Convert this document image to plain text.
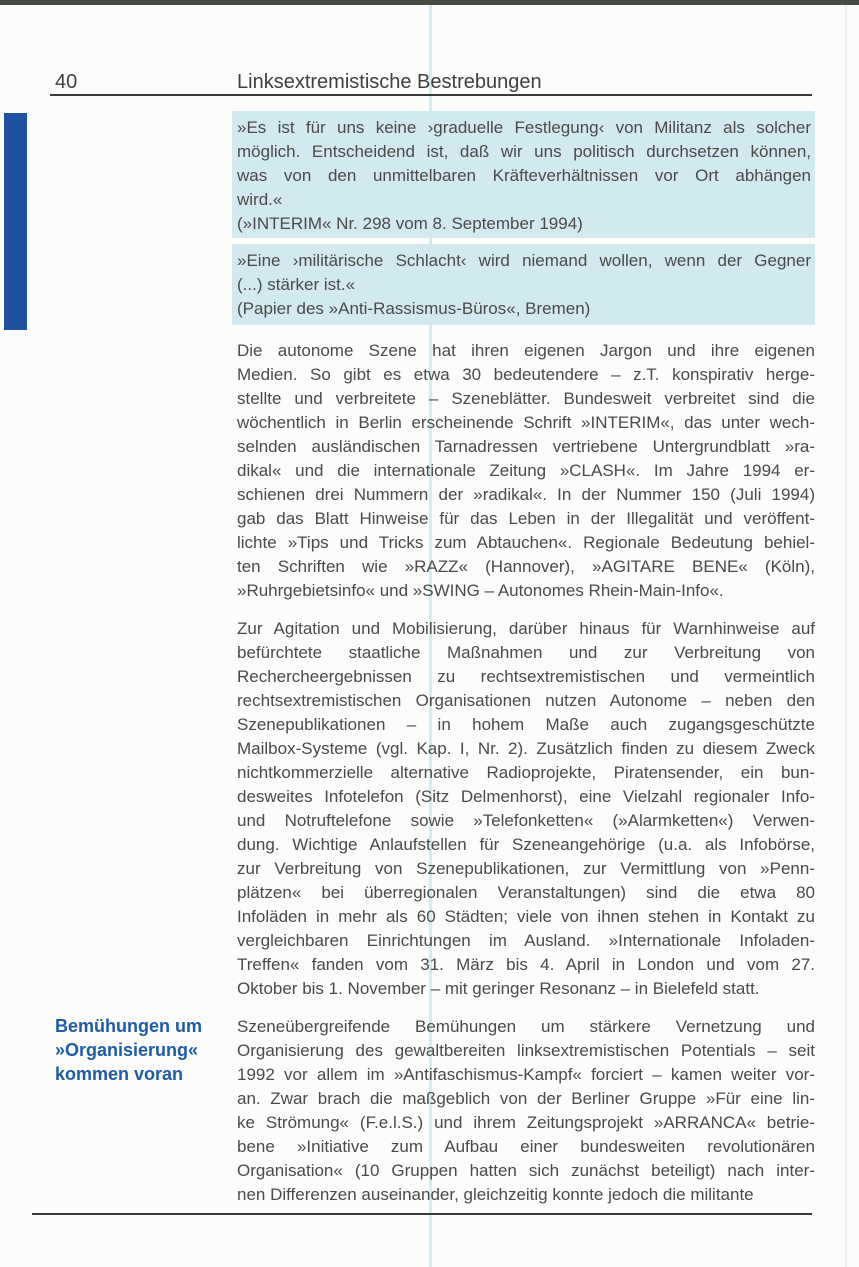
40	Linksextremistische Bestrebungen
»Es ist für uns keine ›graduelle Festlegung‹ von Militanz als solcher
möglich. Entscheidend ist, daß wir uns politisch durchsetzen können,
was von den unmittelbaren Kräfteverhältnissen vor Ort abhängen
wird.«
(»INTERIM« Nr. 298 vom 8. September 1994)
»Eine ›militärische Schlacht‹ wird niemand wollen, wenn der Gegner
(...) stärker ist.«
(Papier des »Anti-Rassismus-Büros«, Bremen)
Die autonome Szene hat ihren eigenen Jargon und ihre eigenen
Medien. So gibt es etwa 30 bedeutendere – z.T. konspirativ herge-
stellte und verbreitete – Szeneblätter. Bundesweit verbreitet sind die
wöchentlich in Berlin erscheinende Schrift »INTERIM«, das unter wech-
selnden ausländischen Tarnadressen vertriebene Untergrundblatt »ra-
dikal« und die internationale Zeitung »CLASH«. Im Jahre 1994 er-
schienen drei Nummern der »radikal«. In der Nummer 150 (Juli 1994)
gab das Blatt Hinweise für das Leben in der Illegalität und veröffent-
lichte »Tips und Tricks zum Abtauchen«. Regionale Bedeutung behiel-
ten Schriften wie »RAZZ« (Hannover), »AGITARE BENE« (Köln),
»Ruhrgebietsinfo« und »SWING – Autonomes Rhein-Main-Info«.
Zur Agitation und Mobilisierung, darüber hinaus für Warnhinweise auf
befürchtete staatliche Maßnahmen und zur Verbreitung von
Rechercheergebnissen zu rechtsextremistischen und vermeintlich
rechtsextremistischen Organisationen nutzen Autonome – neben den
Szenepublikationen – in hohem Maße auch zugangsgeschützte
Mailbox-Systeme (vgl. Kap. I, Nr. 2). Zusätzlich finden zu diesem Zweck
nichtkommerzielle alternative Radioprojekte, Piratensender, ein bun-
desweites Infotelefon (Sitz Delmenhorst), eine Vielzahl regionaler Info-
und Notruftelefone sowie »Telefonketten« (»Alarmketten«) Verwen-
dung. Wichtige Anlaufstellen für Szeneangehörige (u.a. als Infobörse,
zur Verbreitung von Szenepublikationen, zur Vermittlung von »Penn-
plätzen« bei überregionalen Veranstaltungen) sind die etwa 80
Infoläden in mehr als 60 Städten; viele von ihnen stehen in Kontakt zu
vergleichbaren Einrichtungen im Ausland. »Internationale Infoladen-
Treffen« fanden vom 31. März bis 4. April in London und vom 27.
Oktober bis 1. November – mit geringer Resonanz – in Bielefeld statt.
Bemühungen um
»Organisierung«
kommen voran
Szeneübergreifende Bemühungen um stärkere Vernetzung und
Organisierung des gewaltbereiten linksextremistischen Potentials – seit
1992 vor allem im »Antifaschismus-Kampf« forciert – kamen weiter vor-
an. Zwar brach die maßgeblich von der Berliner Gruppe »Für eine lin-
ke Strömung« (F.e.l.S.) und ihrem Zeitungsprojekt »ARRANCA« betrie-
bene »Initiative zum Aufbau einer bundesweiten revolutionären
Organisation« (10 Gruppen hatten sich zunächst beteiligt) nach inter-
nen Differenzen auseinander, gleichzeitig konnte jedoch die militante
